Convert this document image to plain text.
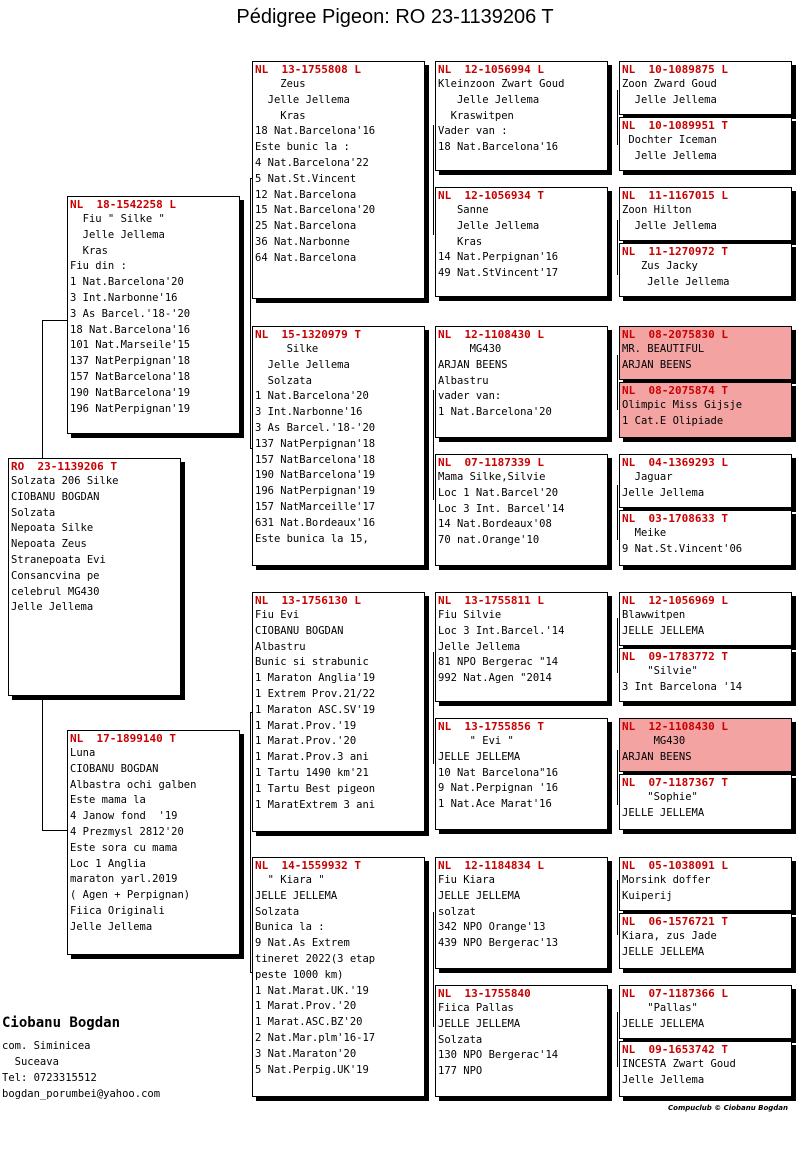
Pédigree Pigeon: RO 23-1139206 T
RO  23-1139206 T
Solzata 206 Silke
CIOBANU BOGDAN
Solzata
Nepoata Silke
Nepoata Zeus
Stranepoata Evi
Consancvina pe
celebrul MG430
Jelle Jellema
NL  18-1542258 L
Fiu " Silke "
Jelle Jellema
Kras
Fiu din :
1 Nat.Barcelona'20
3 Int.Narbonne'16
3 As Barcel.'18-'20
18 Nat.Barcelona'16
101 Nat.Marseile'15
137 NatPerpignan'18
157 NatBarcelona'18
190 NatBarcelona'19
196 NatPerpignan'19
NL  17-1899140 T
Luna
CIOBANU BOGDAN
Albastra ochi galben
Este mama la
4 Janow fond  '19
4 Prezmysl 2812'20
Este sora cu mama
Loc 1 Anglia
maraton yarl.2019
( Agen + Perpignan)
Fiica Originali
Jelle Jellema
NL  13-1755808 L
Zeus
Jelle Jellema
Kras
18 Nat.Barcelona'16
Este bunic la :
4 Nat.Barcelona'22
5 Nat.St.Vincent
12 Nat.Barcelona
15 Nat.Barcelona'20
25 Nat.Barcelona
36 Nat.Narbonne
64 Nat.Barcelona
NL  15-1320979 T
Silke
Jelle Jellema
Solzata
1 Nat.Barcelona'20
3 Int.Narbonne'16
3 As Barcel.'18-'20
137 NatPerpignan'18
157 NatBarcelona'18
190 NatBarcelona'19
196 NatPerpignan'19
157 NatMarceille'17
631 Nat.Bordeaux'16
Este bunica la 15,
NL  13-1756130 L
Fiu Evi
CIOBANU BOGDAN
Albastru
Bunic si strabunic
1 Maraton Anglia'19
1 Extrem Prov.21/22
1 Maraton ASC.SV'19
1 Marat.Prov.'19
1 Marat.Prov.'20
1 Marat.Prov.3 ani
1 Tartu 1490 km'21
1 Tartu Best pigeon
1 MaratExtrem 3 ani
NL  14-1559932 T
" Kiara "
JELLE JELLEMA
Solzata
Bunica la :
9 Nat.As Extrem
tineret 2022(3 etap
peste 1000 km)
1 Nat.Marat.UK.'19
1 Marat.Prov.'20
1 Marat.ASC.BZ'20
2 Nat.Mar.plm'16-17
3 Nat.Maraton'20
5 Nat.Perpig.UK'19
NL  12-1056994 L
Kleinzoon Zwart Goud
Jelle Jellema
Kraswitpen
Vader van :
18 Nat.Barcelona'16
NL  12-1056934 T
Sanne
Jelle Jellema
Kras
14 Nat.Perpignan'16
49 Nat.StVincent'17
NL  12-1108430 L
MG430
ARJAN BEENS
Albastru
vader van:
1 Nat.Barcelona'20
NL  07-1187339 L
Mama Silke,Silvie
Loc 1 Nat.Barcel'20
Loc 3 Int. Barcel'14
14 Nat.Bordeaux'08
70 nat.Orange'10
NL  13-1755811 L
Fiu Silvie
Loc 3 Int.Barcel.'14
Jelle Jellema
81 NPO Bergerac "14
992 Nat.Agen "2014
NL  13-1755856 T
" Evi "
JELLE JELLEMA
10 Nat Barcelona"16
9 Nat.Perpignan '16
1 Nat.Ace Marat'16
NL  12-1184834 L
Fiu Kiara
JELLE JELLEMA
solzat
342 NPO Orange'13
439 NPO Bergerac'13
NL  13-1755840
Fiica Pallas
JELLE JELLEMA
Solzata
130 NPO Bergerac'14
177 NPO
NL  10-1089875 L
Zoon Zward Goud
Jelle Jellema
NL  10-1089951 T
Dochter Iceman
Jelle Jellema
NL  11-1167015 L
Zoon Hilton
Jelle Jellema
NL  11-1270972 T
Zus Jacky
Jelle Jellema
NL  08-2075830 L
MR. BEAUTIFUL
ARJAN BEENS
NL  08-2075874 T
Olimpic Miss Gijsje
1 Cat.E Olipiade
NL  04-1369293 L
Jaguar
Jelle Jellema
NL  03-1708633 T
Meike
9 Nat.St.Vincent'06
NL  12-1056969 L
Blawwitpen
JELLE JELLEMA
NL  09-1783772 T
"Silvie"
3 Int Barcelona '14
NL  12-1108430 L
MG430
ARJAN BEENS
NL  07-1187367 T
"Sophie"
JELLE JELLEMA
NL  05-1038091 L
Morsink doffer
Kuiperij
NL  06-1576721 T
Kiara, zus Jade
JELLE JELLEMA
NL  07-1187366 L
"Pallas"
JELLE JELLEMA
NL  09-1653742 T
INCESTA Zwart Goud
Jelle Jellema
Ciobanu Bogdan
com. Siminicea
Suceava
Tel: 0723315512
bogdan_porumbei@yahoo.com
Compuclub © Ciobanu Bogdan
